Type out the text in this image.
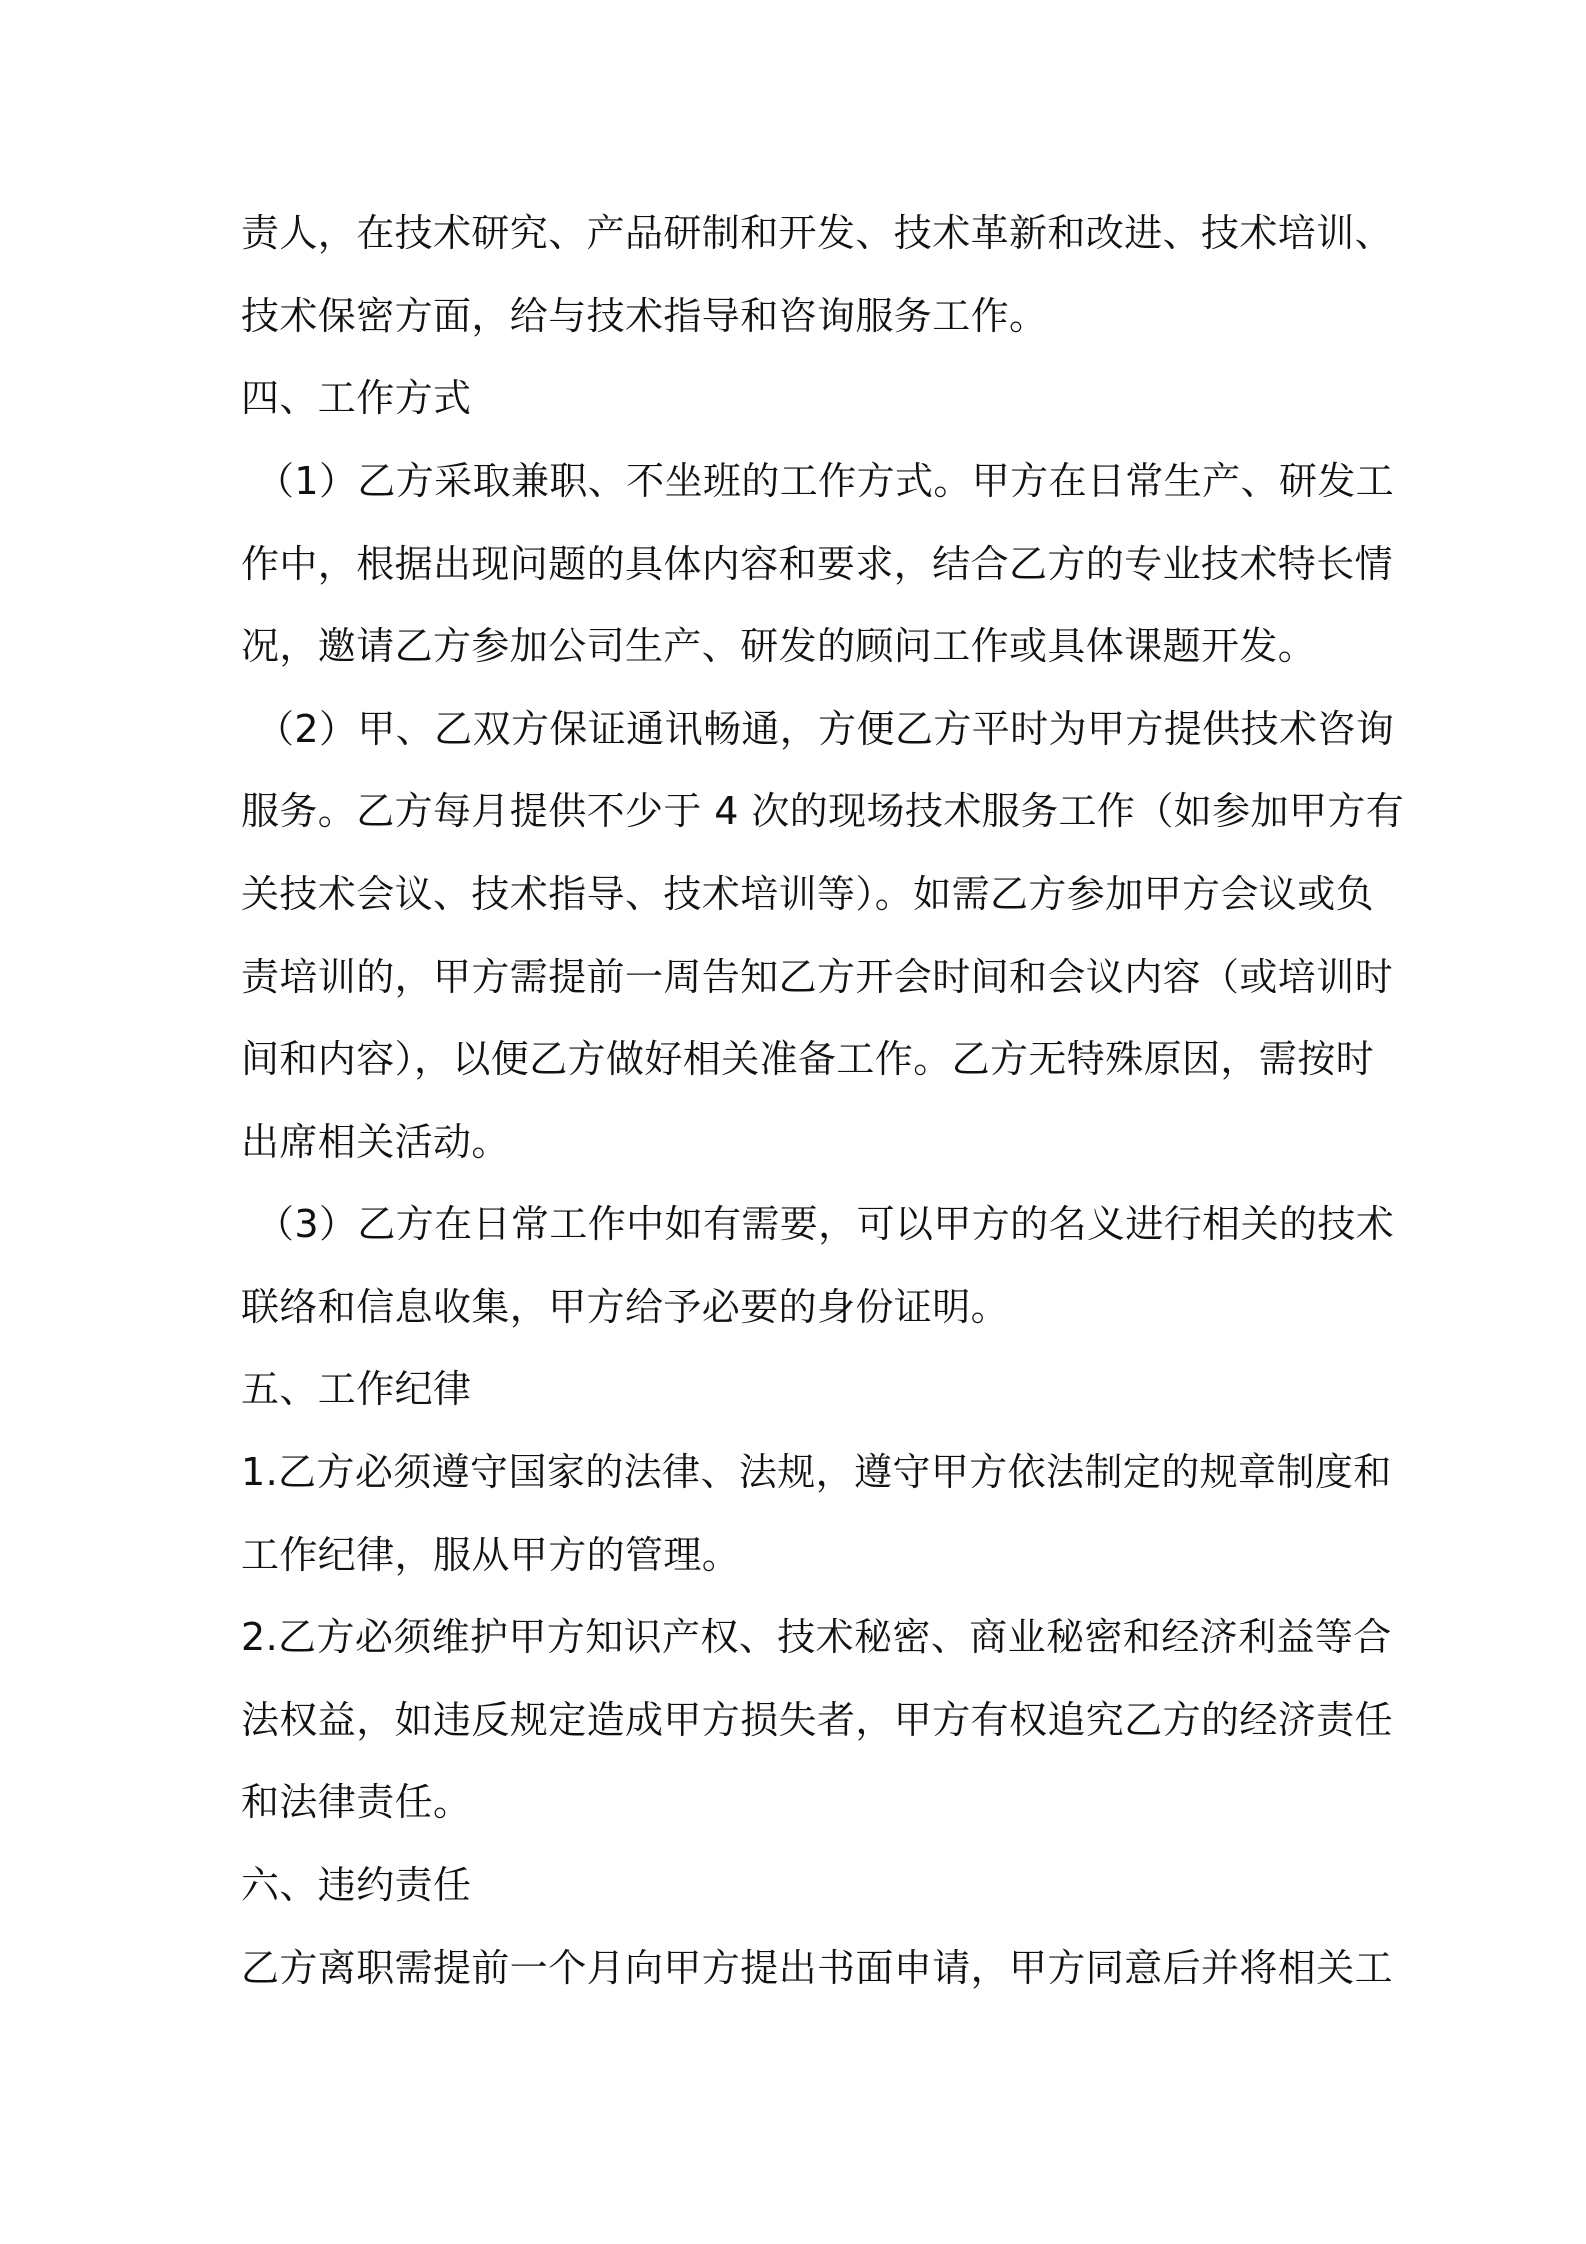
责人，在技术研究、产品研制和开发、技术革新和改进、技术培训、
技术保密方面，给与技术指导和咨询服务工作。
四、工作方式
（1）乙方采取兼职、不坐班的工作方式。甲方在日常生产、研发工
作中，根据出现问题的具体内容和要求，结合乙方的专业技术特长情
况，邀请乙方参加公司生产、研发的顾问工作或具体课题开发。
（2）甲、乙双方保证通讯畅通，方便乙方平时为甲方提供技术咨询
服务。乙方每月提供不少于 4 次的现场技术服务工作（如参加甲方有
关技术会议、技术指导、技术培训等）。如需乙方参加甲方会议或负
责培训的，甲方需提前一周告知乙方开会时间和会议内容（或培训时
间和内容），以便乙方做好相关准备工作。乙方无特殊原因，需按时
出席相关活动。
（3）乙方在日常工作中如有需要，可以甲方的名义进行相关的技术
联络和信息收集，甲方给予必要的身份证明。
五、工作纪律
1.乙方必须遵守国家的法律、法规，遵守甲方依法制定的规章制度和
工作纪律，服从甲方的管理。
2.乙方必须维护甲方知识产权、技术秘密、商业秘密和经济利益等合
法权益，如违反规定造成甲方损失者，甲方有权追究乙方的经济责任
和法律责任。
六、违约责任
乙方离职需提前一个月向甲方提出书面申请，甲方同意后并将相关工
